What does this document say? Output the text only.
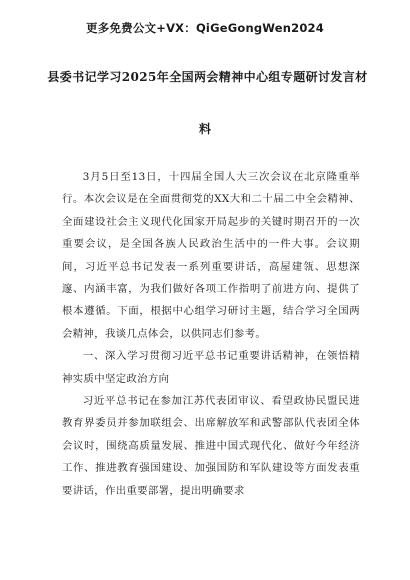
更多免费公文+VX：QiGeGongWen2024
县委书记学习2025年全国两会精神中心组专题研讨发言材
料

3月5日至13日，十四届全国人大三次会议在北京隆重举行。本次会议是在全面贯彻党的XX大和二十届二中全会精神、全面建设社会主义现代化国家开局起步的关键时期召开的一次重要会议，是全国各族人民政治生活中的一件大事。会议期间，习近平总书记发表一系列重要讲话，高屋建瓴、思想深邃、内涵丰富，为我们做好各项工作指明了前进方向、提供了根本遵循。下面，根据中心组学习研讨主题，结合学习全国两会精神，我谈几点体会，以供同志们参考。

一、深入学习贯彻习近平总书记重要讲话精神，在领悟精神实质中坚定政治方向

习近平总书记在参加江苏代表团审议、看望政协民盟民进教育界委员并参加联组会、出席解放军和武警部队代表团全体会议时，围绕高质量发展、推进中国式现代化、做好今年经济工作、推进教育强国建设、加强国防和军队建设等方面发表重要讲话，作出重要部署，提出明确要求
